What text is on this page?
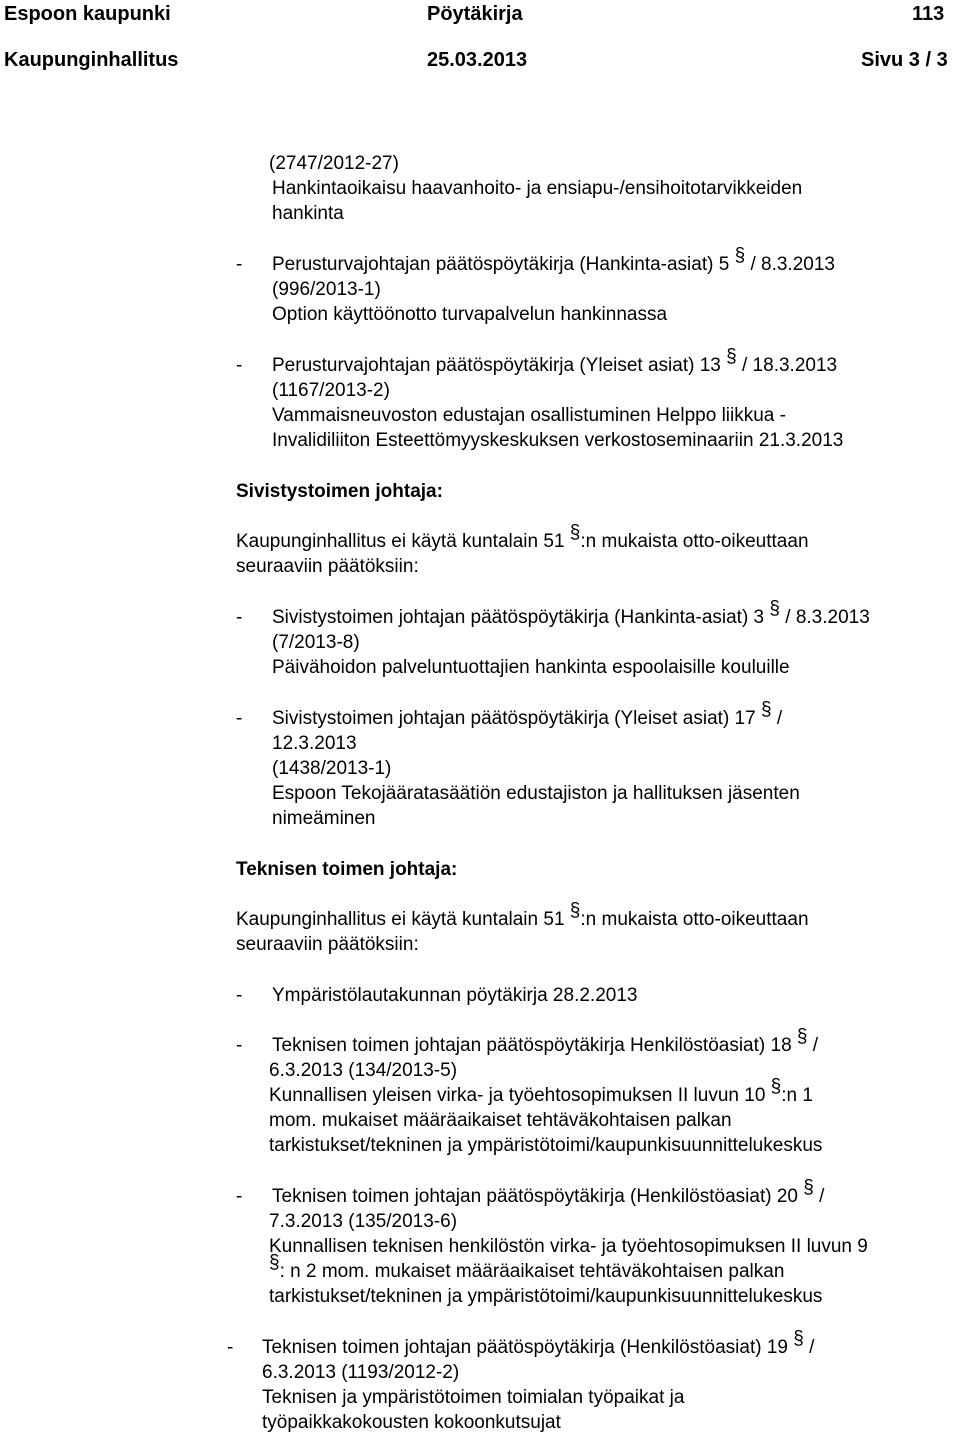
Espoon kaupunki	Pöytäkirja	113
Kaupunginhallitus	25.03.2013	Sivu 3 / 3
(2747/2012-27)
Hankintaoikaisu haavanhoito- ja ensiapu-/ensihoitotarvikkeiden
hankinta
- Perusturvajohtajan päätöspöytäkirja (Hankinta-asiat) 5 § / 8.3.2013
(996/2013-1)
Option käyttöönotto turvapalvelun hankinnassa
- Perusturvajohtajan päätöspöytäkirja (Yleiset asiat) 13 § / 18.3.2013
(1167/2013-2)
Vammaisneuvoston edustajan osallistuminen Helppo liikkua -
Invalidiliiton Esteettömyyskeskuksen verkostoseminaariin 21.3.2013
Sivistystoimen johtaja:
Kaupunginhallitus ei käytä kuntalain 51 §:n mukaista otto-oikeuttaan
seuraaviin päätöksiin:
- Sivistystoimen johtajan päätöspöytäkirja (Hankinta-asiat) 3 § / 8.3.2013
(7/2013-8)
Päivähoidon palveluntuottajien hankinta espoolaisille kouluille
- Sivistystoimen johtajan päätöspöytäkirja (Yleiset asiat) 17 § /
12.3.2013
(1438/2013-1)
Espoon Tekojääratasäätiön edustajiston ja hallituksen jäsenten
nimeäminen
Teknisen toimen johtaja:
Kaupunginhallitus ei käytä kuntalain 51 §:n mukaista otto-oikeuttaan
seuraaviin päätöksiin:
- Ympäristölautakunnan pöytäkirja 28.2.2013
- Teknisen toimen johtajan päätöspöytäkirja Henkilöstöasiat) 18 § /
6.3.2013 (134/2013-5)
Kunnallisen yleisen virka- ja työehtosopimuksen II luvun 10 §:n 1
mom. mukaiset määräaikaiset tehtäväkohtaisen palkan
tarkistukset/tekninen ja ympäristötoimi/kaupunkisuunnittelukeskus
- Teknisen toimen johtajan päätöspöytäkirja (Henkilöstöasiat) 20 § /
7.3.2013 (135/2013-6)
Kunnallisen teknisen henkilöstön virka- ja työehtosopimuksen II luvun 9
§: n 2 mom. mukaiset määräaikaiset tehtäväkohtaisen palkan
tarkistukset/tekninen ja ympäristötoimi/kaupunkisuunnittelukeskus
- Teknisen toimen johtajan päätöspöytäkirja (Henkilöstöasiat) 19 § /
6.3.2013 (1193/2012-2)
Teknisen ja ympäristötoimen toimialan työpaikat ja
työpaikkakokousten kokoonkutsujat
